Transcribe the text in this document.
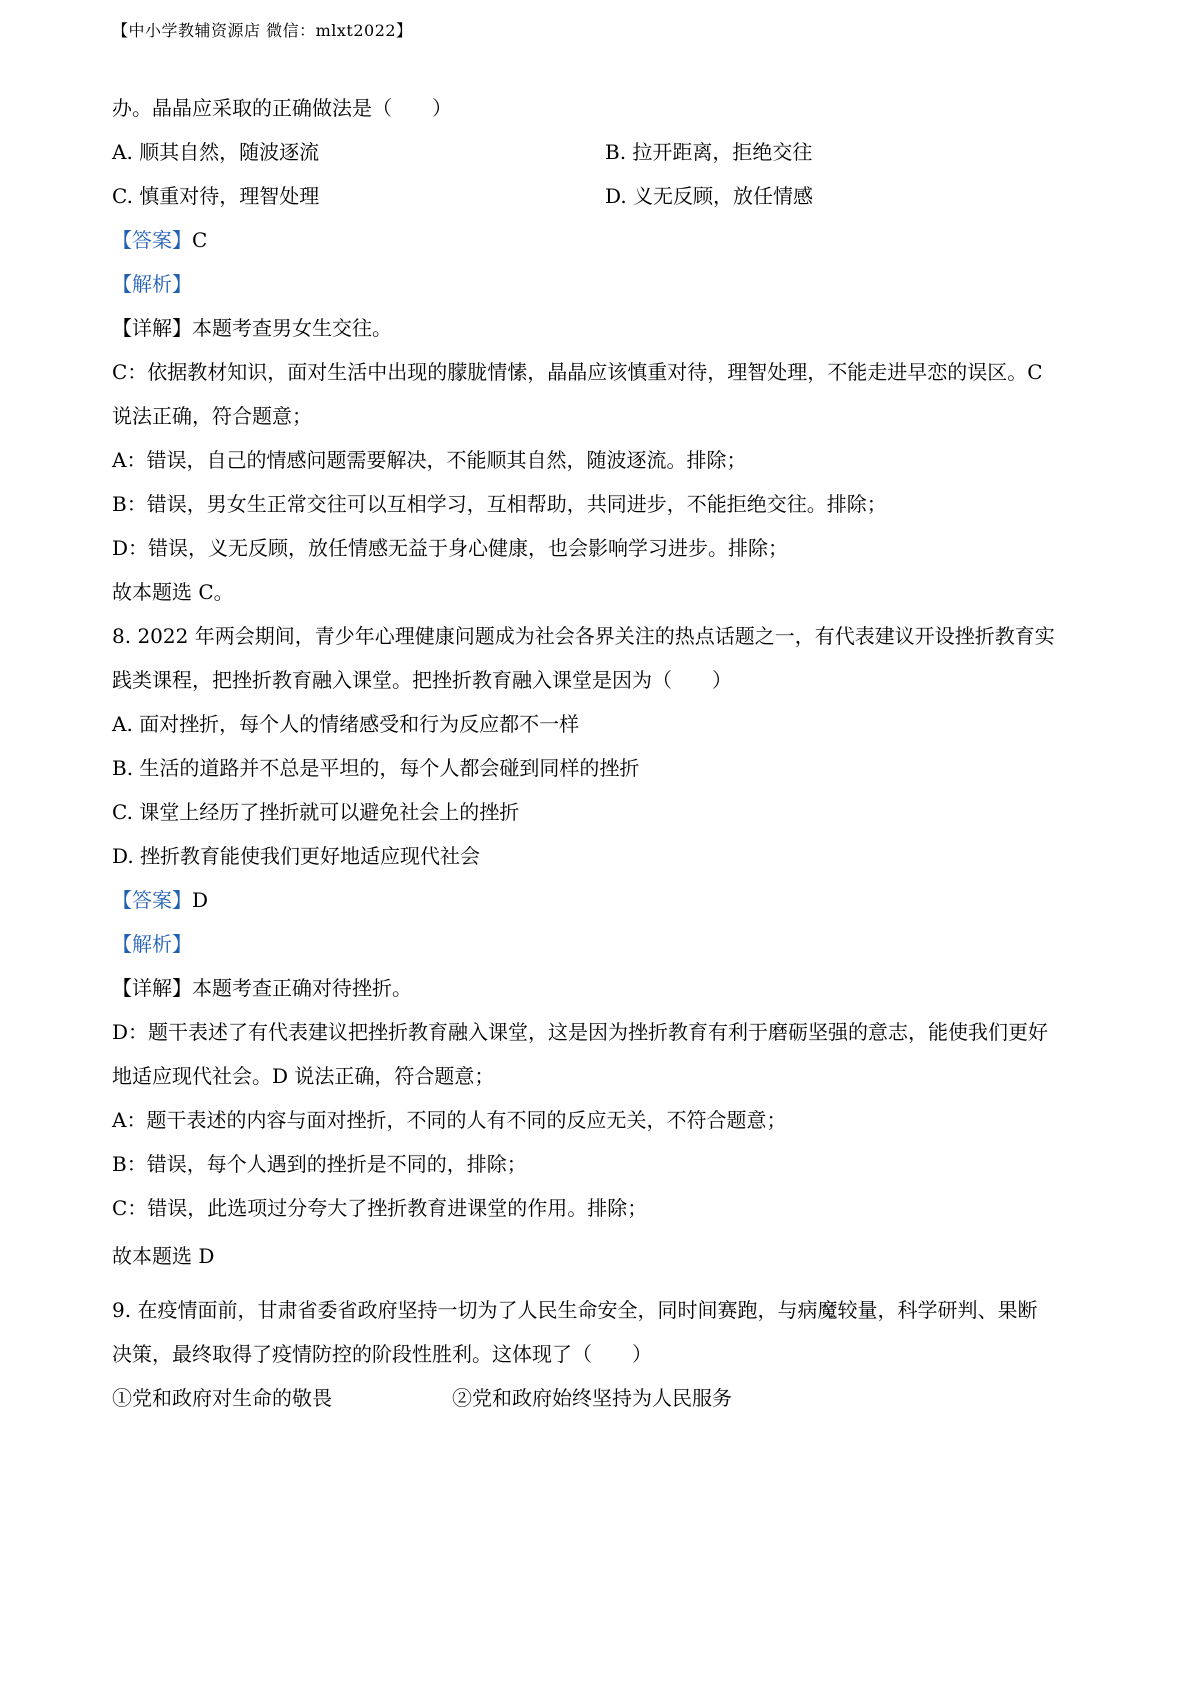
【中小学教辅资源店 微信：mlxt2022】
办。晶晶应采取的正确做法是（　　）
A. 顺其自然，随波逐流	B. 拉开距离，拒绝交往
C. 慎重对待，理智处理	D. 义无反顾，放任情感
【答案】C
【解析】
【详解】本题考查男女生交往。
C：依据教材知识，面对生活中出现的朦胧情愫，晶晶应该慎重对待，理智处理，不能走进早恋的误区。C
说法正确，符合题意；
A：错误，自己的情感问题需要解决，不能顺其自然，随波逐流。排除；
B：错误，男女生正常交往可以互相学习，互相帮助，共同进步，不能拒绝交往。排除；
D：错误，义无反顾，放任情感无益于身心健康，也会影响学习进步。排除；
故本题选 C。
8. 2022 年两会期间，青少年心理健康问题成为社会各界关注的热点话题之一，有代表建议开设挫折教育实
践类课程，把挫折教育融入课堂。把挫折教育融入课堂是因为（　　）
A. 面对挫折，每个人的情绪感受和行为反应都不一样
B. 生活的道路并不总是平坦的，每个人都会碰到同样的挫折
C. 课堂上经历了挫折就可以避免社会上的挫折
D. 挫折教育能使我们更好地适应现代社会
【答案】D
【解析】
【详解】本题考查正确对待挫折。
D：题干表述了有代表建议把挫折教育融入课堂，这是因为挫折教育有利于磨砺坚强的意志，能使我们更好
地适应现代社会。D 说法正确，符合题意；
A：题干表述的内容与面对挫折，不同的人有不同的反应无关，不符合题意；
B：错误，每个人遇到的挫折是不同的，排除；
C：错误，此选项过分夸大了挫折教育进课堂的作用。排除；
故本题选 D
9. 在疫情面前，甘肃省委省政府坚持一切为了人民生命安全，同时间赛跑，与病魔较量，科学研判、果断
决策，最终取得了疫情防控的阶段性胜利。这体现了（　　）
①党和政府对生命的敬畏	②党和政府始终坚持为人民服务
